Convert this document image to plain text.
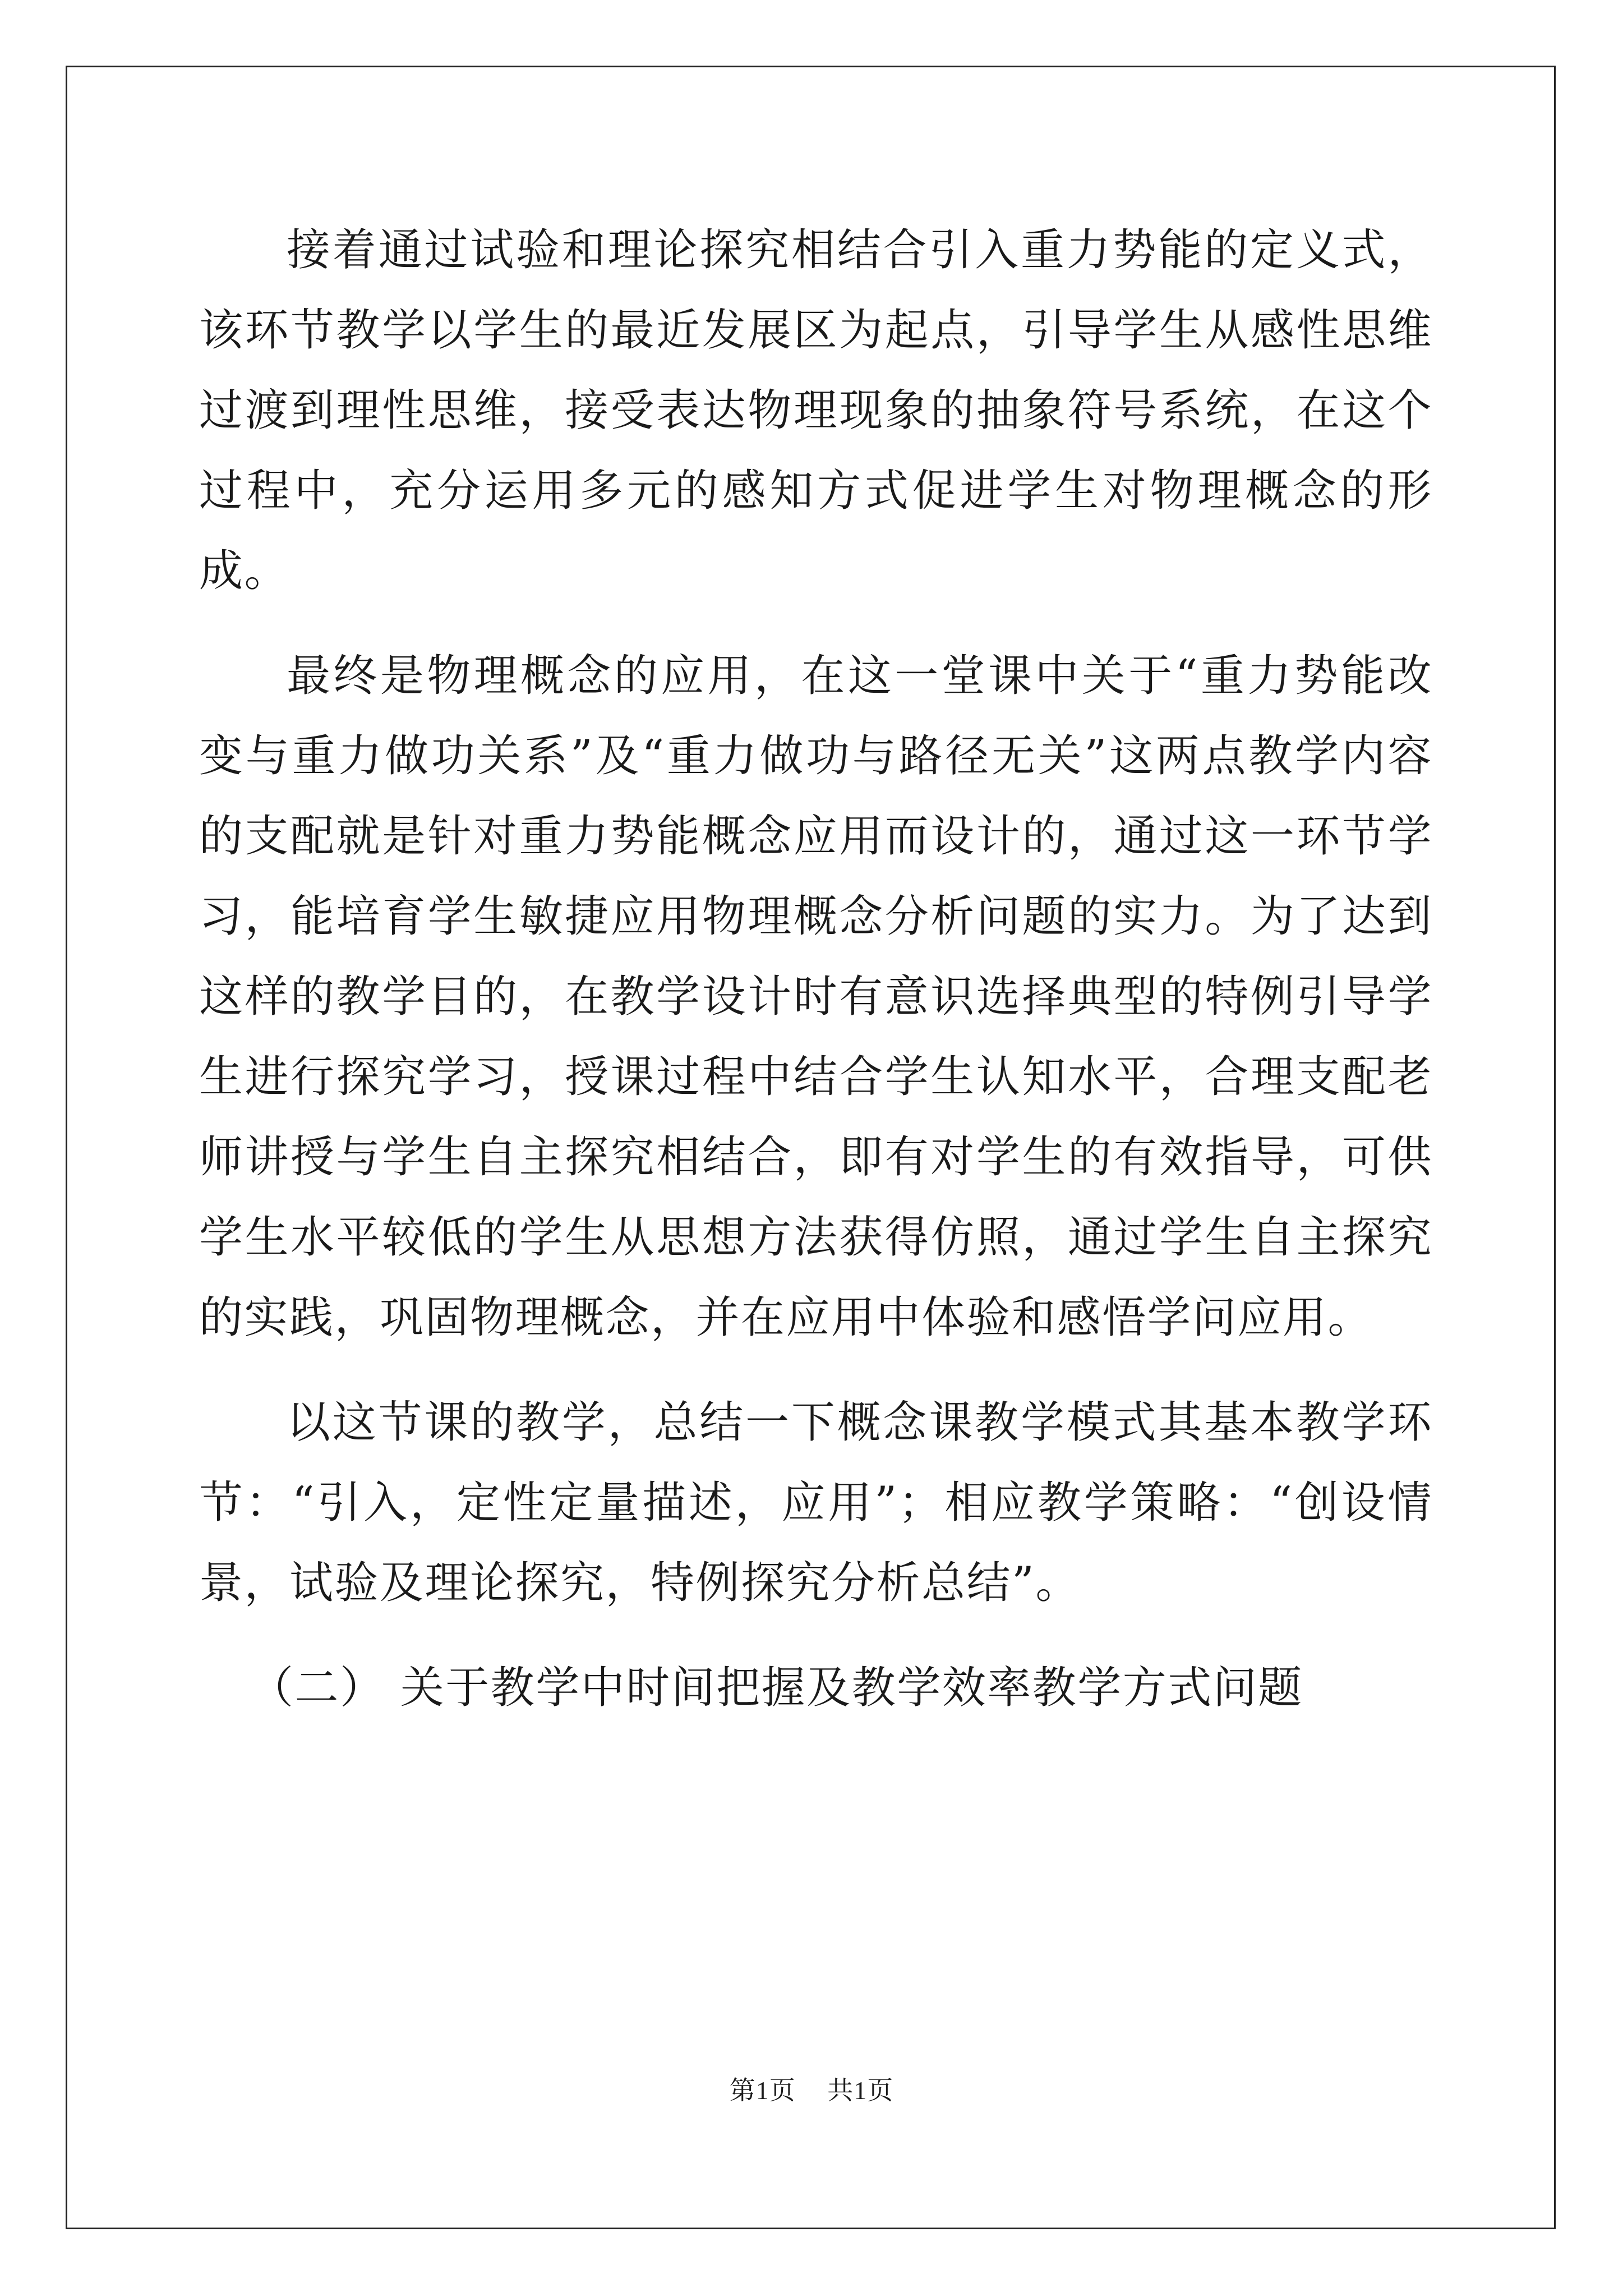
接着通过试验和理论探究相结合引入重力势能的定义式，该环节教学以学生的最近发展区为起点，引导学生从感性思维过渡到理性思维，接受表达物理现象的抽象符号系统，在这个过程中，充分运用多元的感知方式促进学生对物理概念的形成。

最终是物理概念的应用，在这一堂课中关于“重力势能改变与重力做功关系”及“重力做功与路径无关”这两点教学内容的支配就是针对重力势能概念应用而设计的，通过这一环节学习，能培育学生敏捷应用物理概念分析问题的实力。为了达到这样的教学目的，在教学设计时有意识选择典型的特例引导学生进行探究学习，授课过程中结合学生认知水平，合理支配老师讲授与学生自主探究相结合，即有对学生的有效指导，可供学生水平较低的学生从思想方法获得仿照，通过学生自主探究的实践，巩固物理概念，并在应用中体验和感悟学问应用。

以这节课的教学，总结一下概念课教学模式其基本教学环节：“引入，定性定量描述，应用”；相应教学策略：“创设情景，试验及理论探究，特例探究分析总结”。

（二） 关于教学中时间把握及教学效率教学方式问题

第1页 共1页
